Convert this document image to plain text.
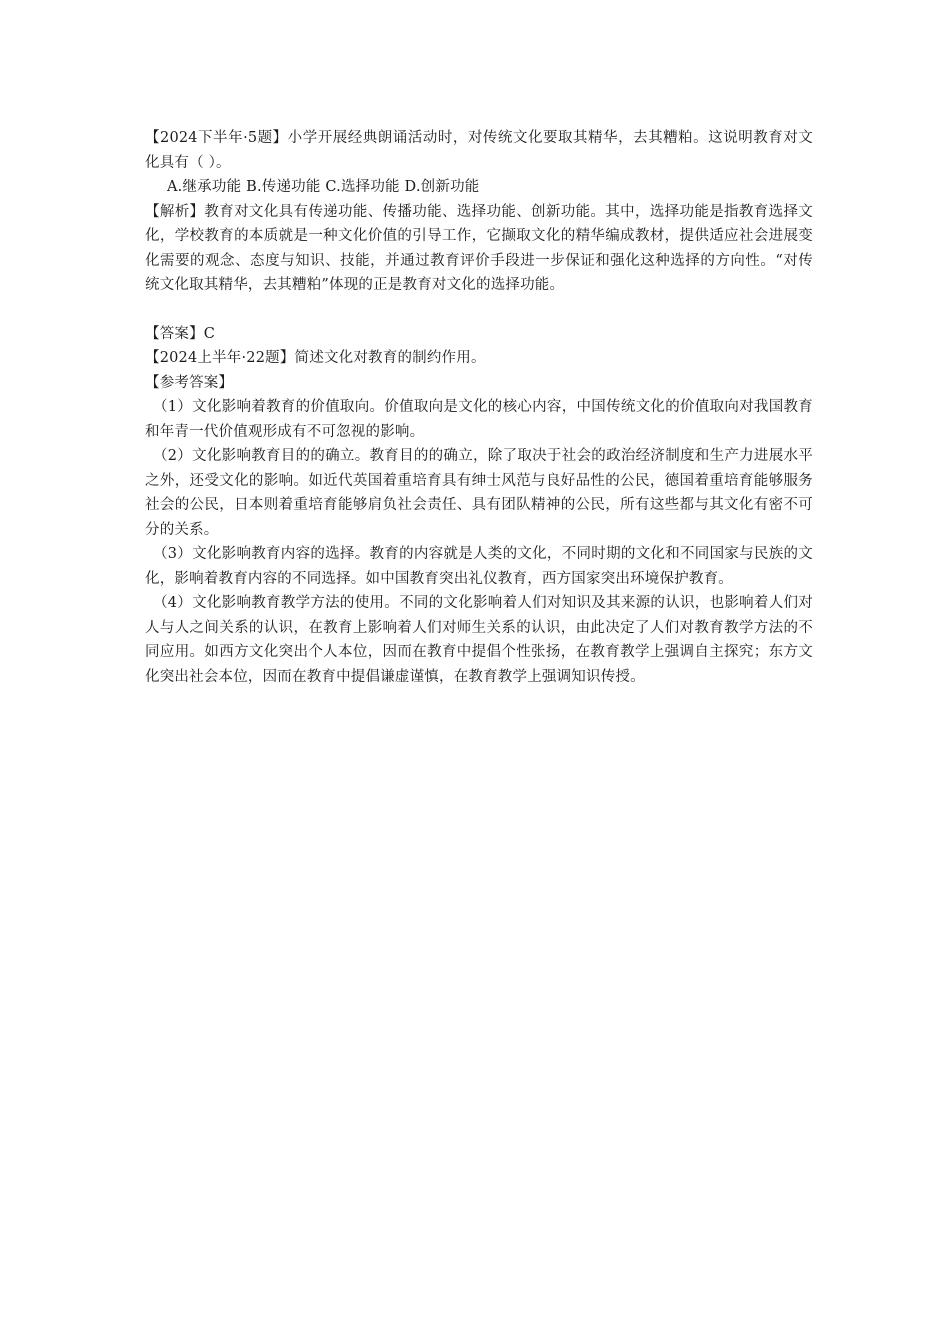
【2024下半年·5题】小学开展经典朗诵活动时，对传统文化要取其精华，去其糟粕。这说明教育对文化具有（ ）。

A.继承功能 B.传递功能 C.选择功能 D.创新功能

【解析】教育对文化具有传递功能、传播功能、选择功能、创新功能。其中，选择功能是指教育选择文化，学校教育的本质就是一种文化价值的引导工作，它撷取文化的精华编成教材，提供适应社会进展变化需要的观念、态度与知识、技能，并通过教育评价手段进一步保证和强化这种选择的方向性。“对传统文化取其精华，去其糟粕”体现的正是教育对文化的选择功能。

【答案】C

【2024上半年·22题】简述文化对教育的制约作用。

【参考答案】

（1）文化影响着教育的价值取向。价值取向是文化的核心内容，中国传统文化的价值取向对我国教育和年青一代价值观形成有不可忽视的影响。

（2）文化影响教育目的的确立。教育目的的确立，除了取决于社会的政治经济制度和生产力进展水平之外，还受文化的影响。如近代英国着重培育具有绅士风范与良好品性的公民，德国着重培育能够服务社会的公民，日本则着重培育能够肩负社会责任、具有团队精神的公民，所有这些都与其文化有密不可分的关系。

（3）文化影响教育内容的选择。教育的内容就是人类的文化，不同时期的文化和不同国家与民族的文化，影响着教育内容的不同选择。如中国教育突出礼仪教育，西方国家突出环境保护教育。

（4）文化影响教育教学方法的使用。不同的文化影响着人们对知识及其来源的认识，也影响着人们对人与人之间关系的认识，在教育上影响着人们对师生关系的认识，由此决定了人们对教育教学方法的不同应用。如西方文化突出个人本位，因而在教育中提倡个性张扬，在教育教学上强调自主探究；东方文化突出社会本位，因而在教育中提倡谦虚谨慎，在教育教学上强调知识传授。
